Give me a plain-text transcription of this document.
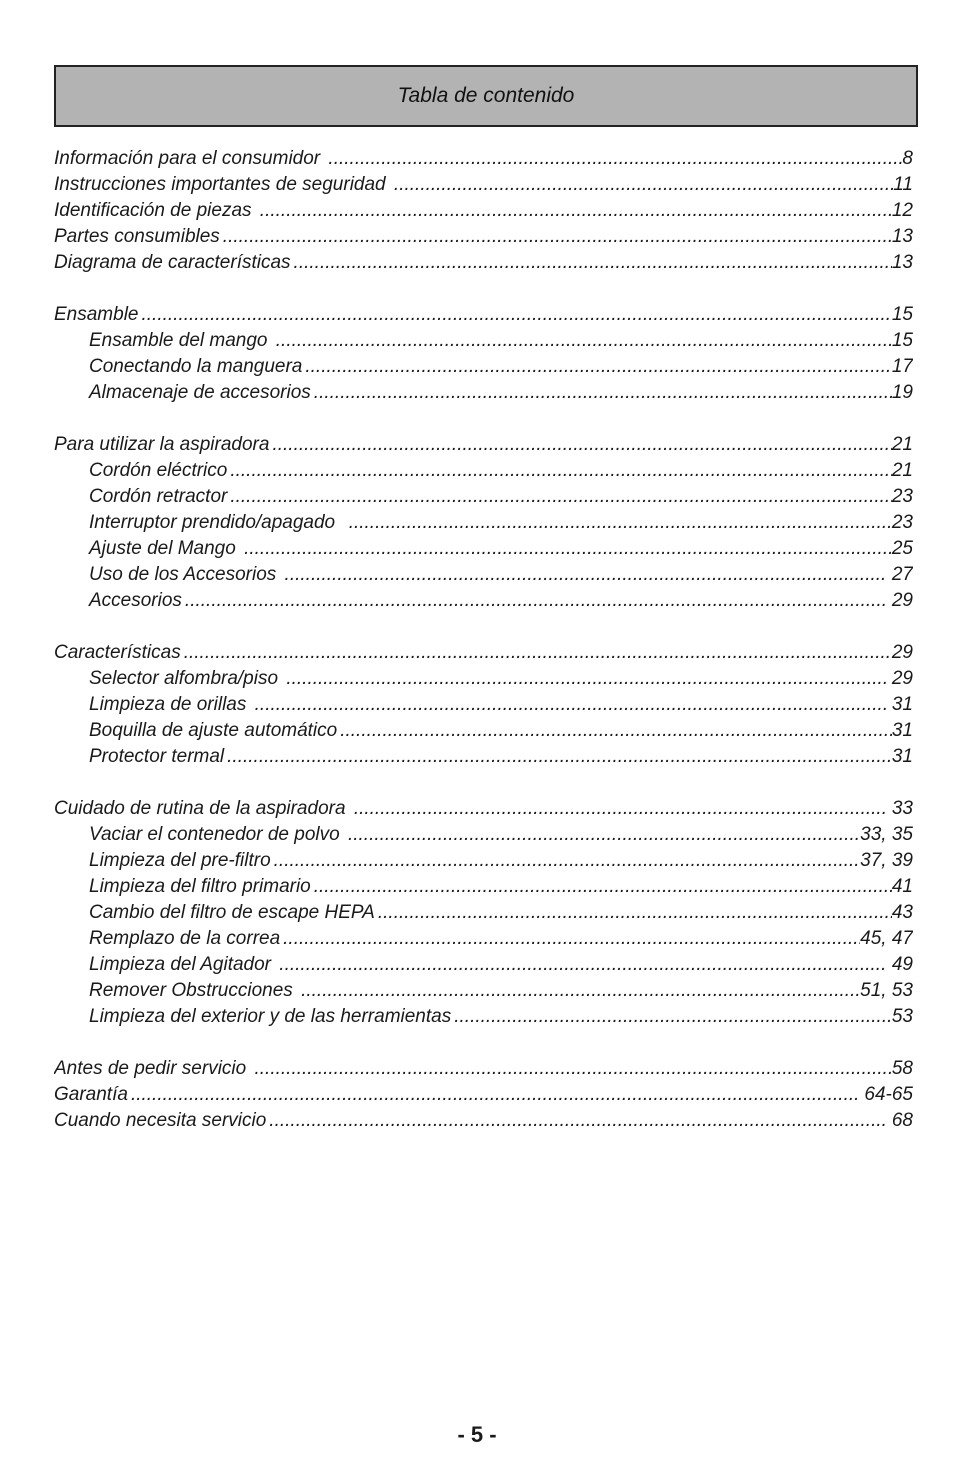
Tabla de contenido
Información para el consumidor .....	8
Instrucciones importantes de seguridad .....	11
Identificación de piezas .....	12
Partes consumibles .....	13
Diagrama de características .....	13
Ensamble .....	15
Ensamble del mango .....	15
Conectando la manguera .....	17
Almacenaje de accesorios .....	19
Para utilizar la aspiradora .....	21
Cordón eléctrico .....	21
Cordón retractor .....	23
Interruptor prendido/apagado .....	23
Ajuste del Mango .....	25
Uso de los Accesorios .....	27
Accesorios .....	29
Características .....	29
Selector alfombra/piso .....	29
Limpieza de orillas .....	31
Boquilla de ajuste automático .....	31
Protector termal .....	31
Cuidado de rutina de la aspiradora .....	33
Vaciar el contenedor de polvo .....	33, 35
Limpieza del pre-filtro .....	37, 39
Limpieza del filtro primario .....	41
Cambio del filtro de escape HEPA .....	43
Remplazo de la correa .....	45, 47
Limpieza del Agitador .....	49
Remover Obstrucciones .....	51, 53
Limpieza del exterior y de las herramientas .....	53
Antes de pedir servicio .....	58
Garantía .....	64-65
Cuando necesita servicio .....	68
- 5 -
